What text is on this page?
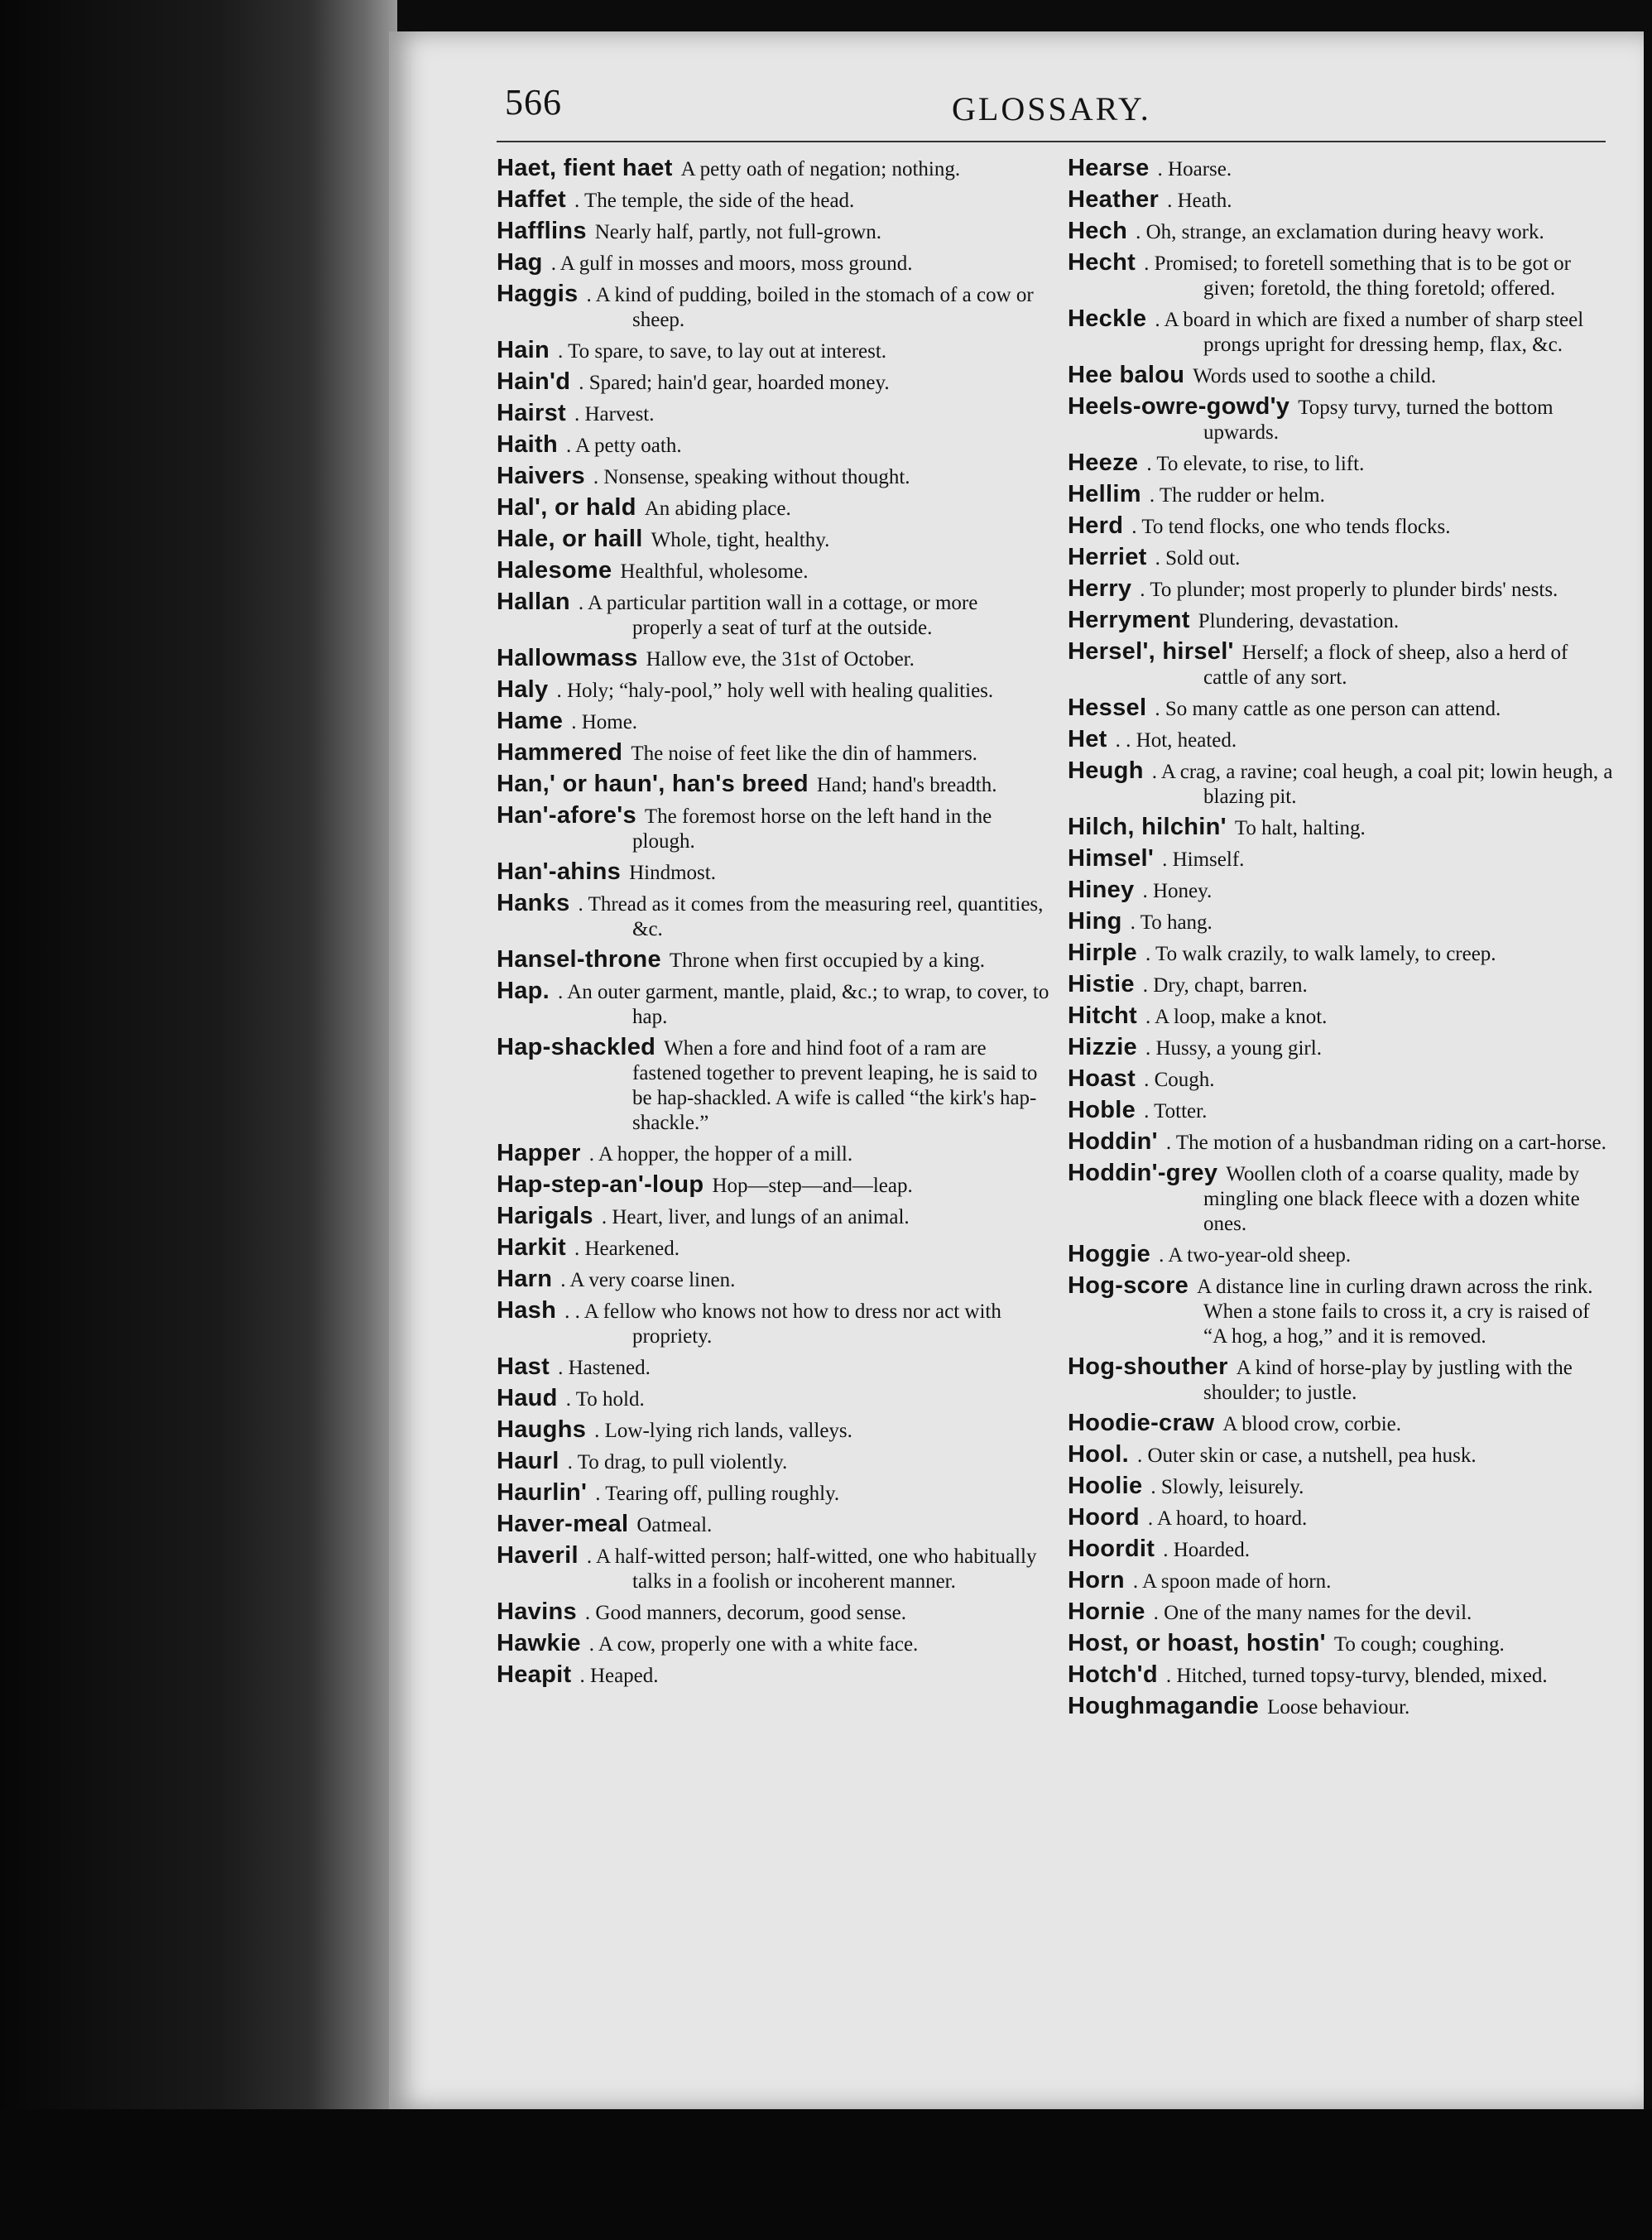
566	GLOSSARY.
Haet, fient haet A petty oath of negation; nothing.
Haffet . The temple, the side of the head.
Hafflins Nearly half, partly, not full-grown.
Hag . A gulf in mosses and moors, moss ground.
Haggis . A kind of pudding, boiled in the stomach of a cow or sheep.
Hain . To spare, to save, to lay out at interest.
Hain'd . Spared; hain'd gear, hoarded money.
Hairst . Harvest.
Haith . A petty oath.
Haivers . Nonsense, speaking without thought.
Hal', or hald An abiding place.
Hale, or haill Whole, tight, healthy.
Halesome Healthful, wholesome.
Hallan . A particular partition wall in a cottage, or more properly a seat of turf at the outside.
Hallowmass Hallow eve, the 31st of October.
Haly . Holy; “haly-pool,” holy well with healing qualities.
Hame . Home.
Hammered The noise of feet like the din of hammers.
Han,' or haun', han's breed Hand; hand's breadth.
Han'-afore's The foremost horse on the left hand in the plough.
Han'-ahins Hindmost.
Hanks . Thread as it comes from the measuring reel, quantities, &c.
Hansel-throne Throne when first occupied by a king.
Hap. . An outer garment, mantle, plaid, &c.; to wrap, to cover, to hap.
Hap-shackled When a fore and hind foot of a ram are fastened together to prevent leaping, he is said to be hap-shackled. A wife is called “the kirk's hap-shackle.”
Happer . A hopper, the hopper of a mill.
Hap-step-an'-loup Hop—step—and—leap.
Harigals . Heart, liver, and lungs of an animal.
Harkit . Hearkened.
Harn . A very coarse linen.
Hash . . A fellow who knows not how to dress nor act with propriety.
Hast . Hastened.
Haud . To hold.
Haughs . Low-lying rich lands, valleys.
Haurl . To drag, to pull violently.
Haurlin' . Tearing off, pulling roughly.
Haver-meal Oatmeal.
Haveril . A half-witted person; half-witted, one who habitually talks in a foolish or incoherent manner.
Havins . Good manners, decorum, good sense.
Hawkie . A cow, properly one with a white face.
Heapit . Heaped.
Hearse . Hoarse.
Heather . Heath.
Hech . Oh, strange, an exclamation during heavy work.
Hecht . Promised; to foretell something that is to be got or given; foretold, the thing foretold; offered.
Heckle . A board in which are fixed a number of sharp steel prongs upright for dressing hemp, flax, &c.
Hee balou Words used to soothe a child.
Heels-owre-gowd'y Topsy turvy, turned the bottom upwards.
Heeze . To elevate, to rise, to lift.
Hellim . The rudder or helm.
Herd . To tend flocks, one who tends flocks.
Herriet . Sold out.
Herry . To plunder; most properly to plunder birds' nests.
Herryment Plundering, devastation.
Hersel', hirsel' Herself; a flock of sheep, also a herd of cattle of any sort.
Hessel . So many cattle as one person can attend.
Het . . Hot, heated.
Heugh . A crag, a ravine; coal heugh, a coal pit; lowin heugh, a blazing pit.
Hilch, hilchin' To halt, halting.
Himsel' . Himself.
Hiney . Honey.
Hing . To hang.
Hirple . To walk crazily, to walk lamely, to creep.
Histie . Dry, chapt, barren.
Hitcht . A loop, make a knot.
Hizzie . Hussy, a young girl.
Hoast . Cough.
Hoble . Totter.
Hoddin' . The motion of a husbandman riding on a cart-horse.
Hoddin'-grey Woollen cloth of a coarse quality, made by mingling one black fleece with a dozen white ones.
Hoggie . A two-year-old sheep.
Hog-score A distance line in curling drawn across the rink. When a stone fails to cross it, a cry is raised of “A hog, a hog,” and it is removed.
Hog-shouther A kind of horse-play by justling with the shoulder; to justle.
Hoodie-craw A blood crow, corbie.
Hool. . Outer skin or case, a nutshell, pea husk.
Hoolie . Slowly, leisurely.
Hoord . A hoard, to hoard.
Hoordit . Hoarded.
Horn . A spoon made of horn.
Hornie . One of the many names for the devil.
Host, or hoast, hostin' To cough; coughing.
Hotch'd . Hitched, turned topsy-turvy, blended, mixed.
Houghmagandie Loose behaviour.
